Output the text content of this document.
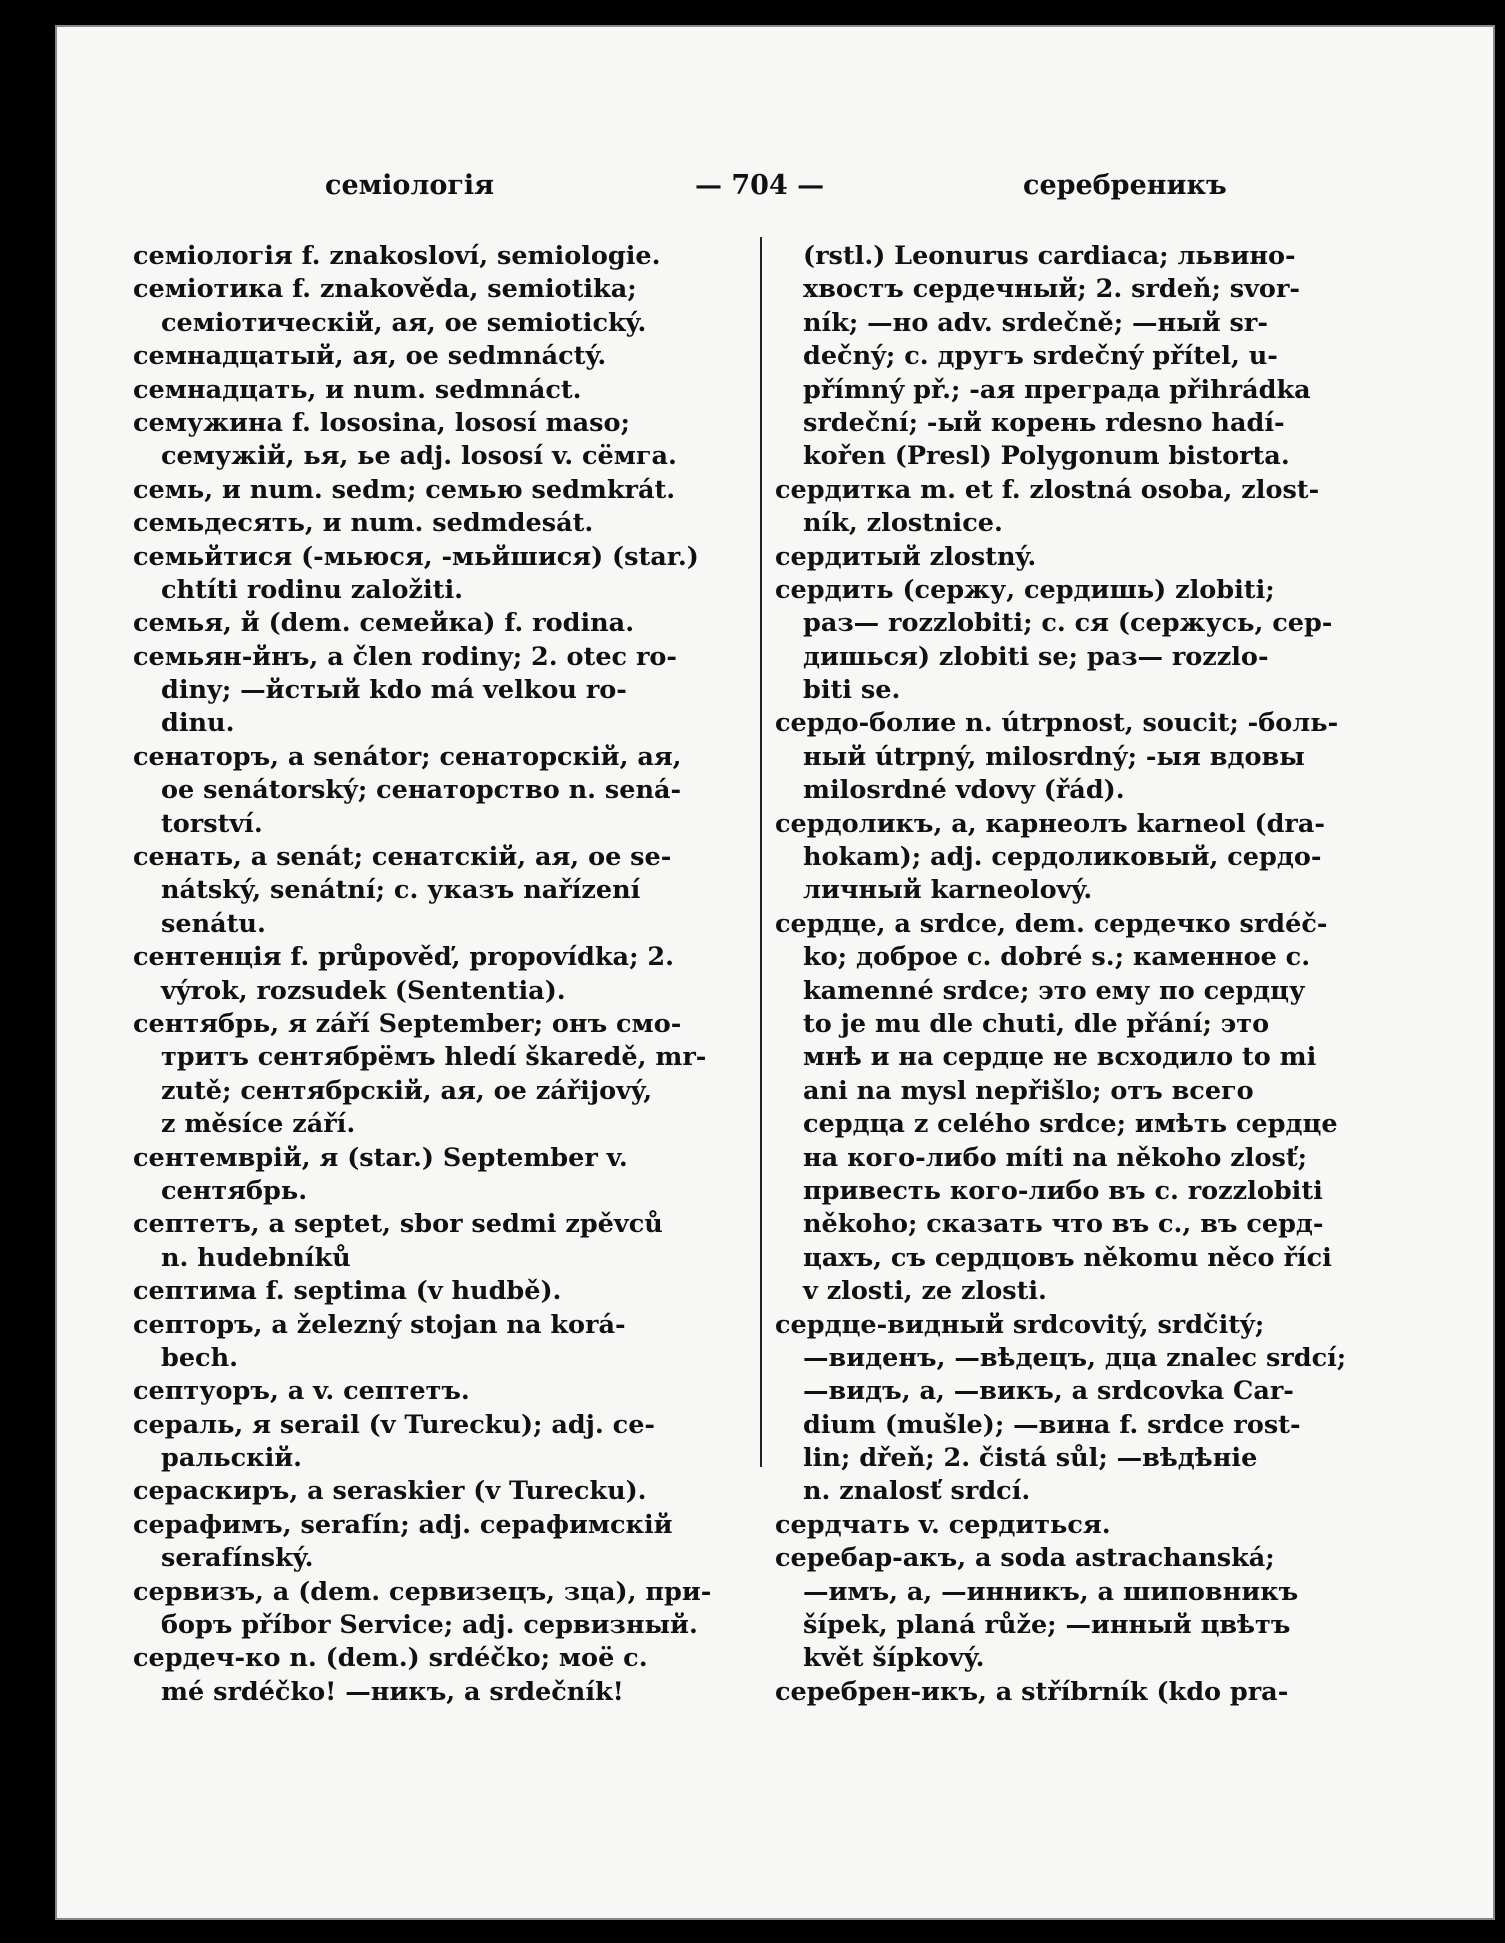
семіологія	— 704 —	серебреникъ
семіологія f. znakosloví, semiologie.
семіотика f. znakověda, semiotika;
семіотическій, ая, ое semiotický.
семнадцатый, ая, ое sedmnáctý.
семнадцать, и num. sedmnáct.
семужина f. lososina, lososí maso;
семужій, ья, ье adj. lososí v. сёмга.
семь, и num. sedm; семью sedmkrát.
семьдесять, и num. sedmdesát.
семьйтися (-мьюся, -мьйшися) (star.)
chtíti rodinu založiti.
семья, й (dem. семейка) f. rodina.
семьян-йнъ, а člen rodiny; 2. otec ro-
diny; —йстый kdo má velkou ro-
dinu.
сенаторъ, а senátor; сенаторскій, ая,
ое senátorský; сенаторство n. sená-
torství.
сенать, а senát; сенатскій, ая, ое se-
nátský, senátní; с. указъ nařízení
senátu.
сентенція f. průpověď, propovídka; 2.
výrok, rozsudek (Sententia).
сентябрь, я září September; онъ смо-
тритъ сентябрёмъ hledí škaredě, mr-
zutě; сентябрскій, ая, ое zářijový,
z měsíce září.
сентемврій, я (star.) September v.
сентябрь.
септетъ, а septet, sbor sedmi zpěvců
n. hudebníků
септима f. septima (v hudbě).
септоръ, а železný stojan na korá-
bech.
септуоръ, а v. септетъ.
сераль, я serail (v Turecku); adj. се-
ральскій.
сераскиръ, а seraskier (v Turecku).
серафимъ, serafín; adj. серафимскій
serafínský.
сервизъ, а (dem. сервизецъ, зца), при-
боръ příbor Service; adj. сервизный.
сердеч-ко n. (dem.) srdéčko; моё с.
mé srdéčko! —никъ, а srdečník!
(rstl.) Leonurus cardiaca; львино-
хвостъ сердечный; 2. srdeň; svor-
ník; —но adv. srdečně; —ный sr-
dečný; с. другъ srdečný přítel, u-
přímný př.; -ая преграда přihrádka
srdeční; -ый корень rdesno hadí-
kořen (Presl) Polygonum bistorta.
сердитка m. et f. zlostná osoba, zlost-
ník, zlostnice.
сердитый zlostný.
сердить (сержу, сердишь) zlobiti;
раз— rozzlobiti; с. ся (сержусь, сер-
дишься) zlobiti se; раз— rozzlo-
biti se.
сердо-болие n. útrpnost, soucit; -боль-
ный útrpný, milosrdný; -ыя вдовы
milosrdné vdovy (řád).
сердоликъ, а, карнеолъ karneol (dra-
hokam); adj. сердоликовый, сердо-
личный karneolový.
сердце, а srdce, dem. сердечко srdéč-
ko; доброе с. dobré s.; каменное с.
kamenné srdce; это ему по сердцу
to je mu dle chuti, dle přání; это
мнѣ и на сердце не всходило to mi
ani na mysl nepřišlo; отъ всего
сердца z celého srdce; имѣть сердце
на кого-либо míti na někoho zlosť;
привесть кого-либо въ с. rozzlobiti
někoho; сказать что въ с., въ серд-
цахъ, съ сердцовъ někomu něco říci
v zlosti, ze zlosti.
сердце-видный srdcovitý, srdčitý;
—виденъ, —вѣдецъ, дца znalec srdcí;
—видъ, а, —викъ, а srdcovka Car-
dium (mušle); —вина f. srdce rost-
lin; dřeň; 2. čistá sůl; —вѣдѣніе
n. znalosť srdcí.
сердчать v. сердиться.
серебар-акъ, а soda astrachanská;
—имъ, а, —инникъ, а шиповникъ
šípek, planá růže; —инный цвѣтъ
květ šípkový.
серебрен-икъ, а stříbrník (kdo pra-
